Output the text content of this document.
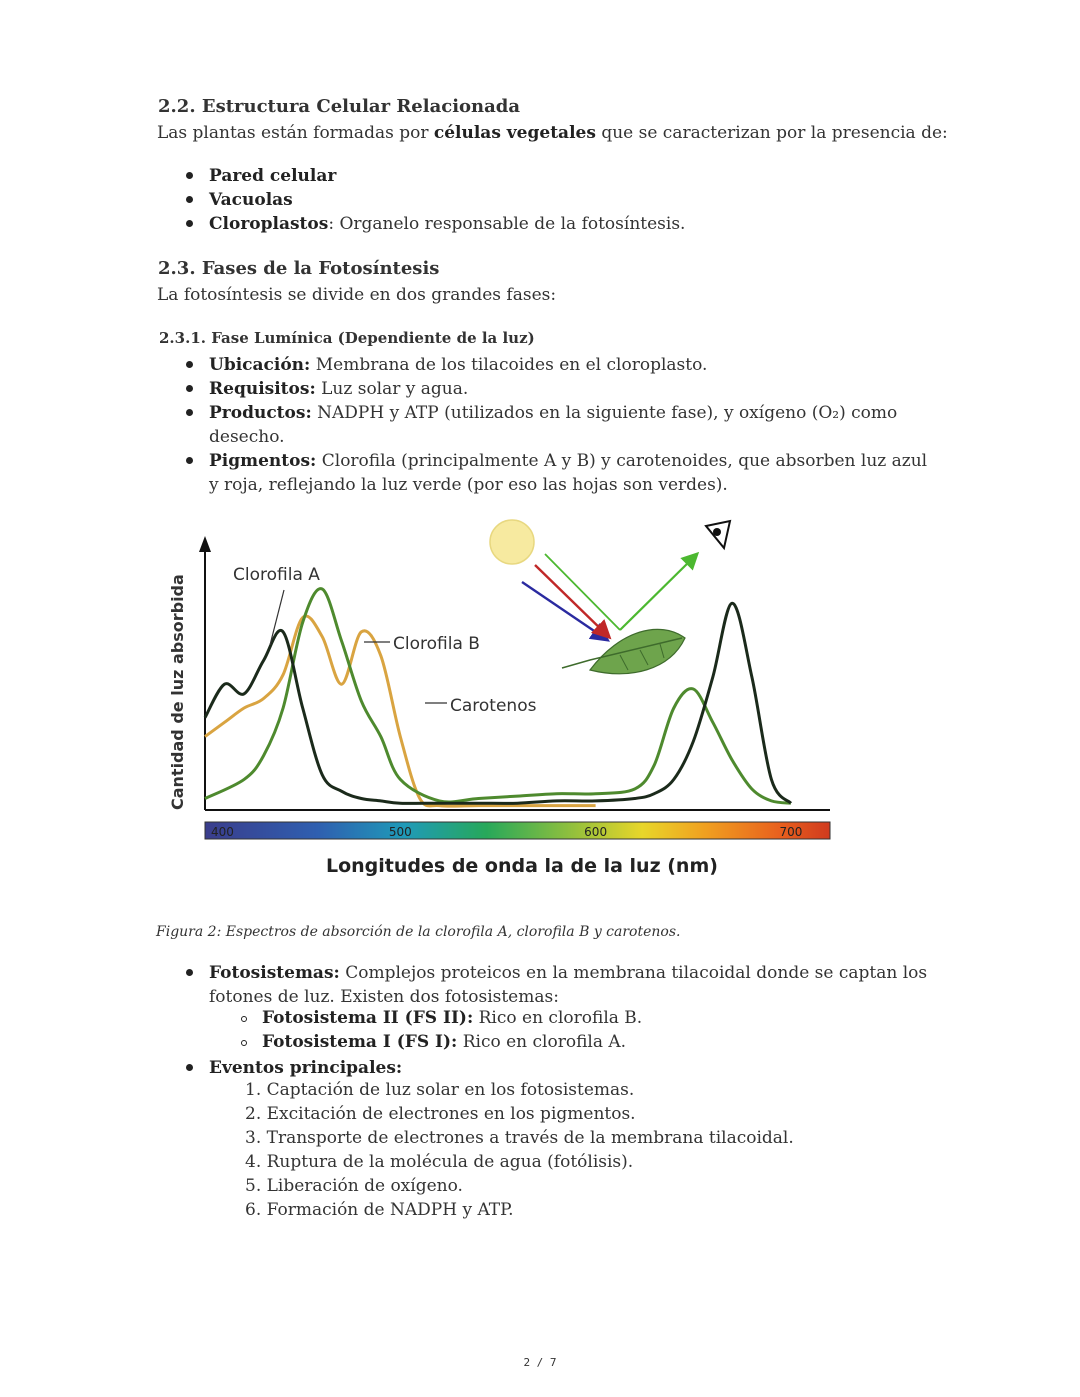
2.2. Estructura Celular Relacionada

Las plantas están formadas por células vegetales que se caracterizan por la presencia de:

Pared celular

Vacuolas

Cloroplastos: Organelo responsable de la fotosíntesis.

2.3. Fases de la Fotosíntesis

La fotosíntesis se divide en dos grandes fases:

2.3.1. Fase Lumínica (Dependiente de la luz)

Ubicación: Membrana de los tilacoides en el cloroplasto.

Requisitos: Luz solar y agua.

Productos: NADPH y ATP (utilizados en la siguiente fase), y oxígeno (O₂) como desecho.

Pigmentos: Clorofila (principalmente A y B) y carotenoides, que absorben luz azul y roja, reflejando la luz verde (por eso las hojas son verdes).

Cantidad de luz absorbida
400	500	600	700
Longitudes de onda la de la luz (nm)
Clorofila A
Clorofila B
Carotenos

Figura 2: Espectros de absorción de la clorofila A, clorofila B y carotenos.

Fotosistemas: Complejos proteicos en la membrana tilacoidal donde se captan los fotones de luz. Existen dos fotosistemas:

Fotosistema II (FS II): Rico en clorofila B.

Fotosistema I (FS I): Rico en clorofila A.

Eventos principales:

1. Captación de luz solar en los fotosistemas.

2. Excitación de electrones en los pigmentos.

3. Transporte de electrones a través de la membrana tilacoidal.

4. Ruptura de la molécula de agua (fotólisis).

5. Liberación de oxígeno.

6. Formación de NADPH y ATP.

2 / 7
